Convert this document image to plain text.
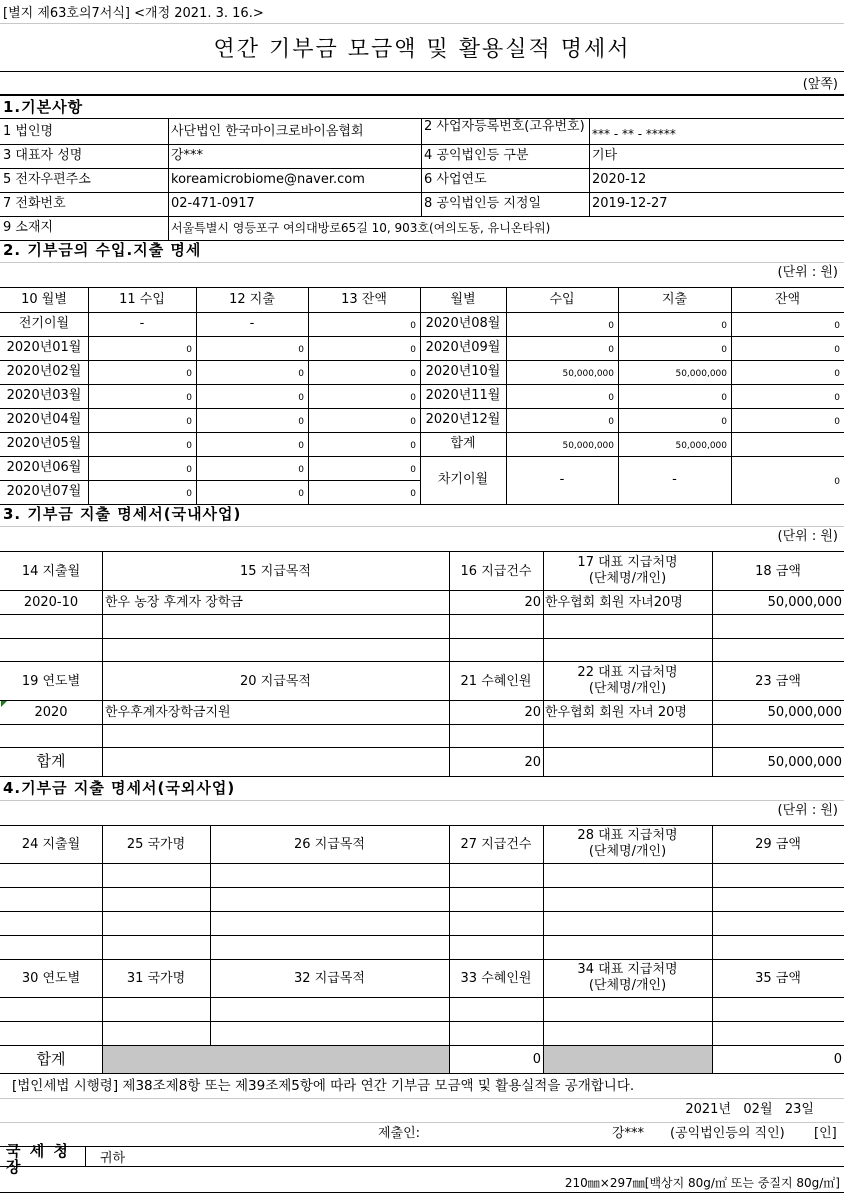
[별지 제63호의7서식] <개정 2021. 3. 16.>
연간 기부금 모금액 및 활용실적 명세서
(앞쪽)
1.기본사항
1 법인명	사단법인 한국마이크로바이옴협회	2 사업자등록번호(고유번호) *** - ** - *****
3 대표자 성명	강***	4 공익법인등 구분	기타
5 전자우편주소	koreamicrobiome@naver.com	6 사업연도	2020-12
7 전화번호	02-471-0917	8 공익법인등 지정일	2019-12-27
9 소재지	서울특별시 영등포구 여의대방로65길 10, 903호(여의도동, 유니온타워)
2. 기부금의 수입.지출 명세
(단위 : 원)
10 월별	11 수입	12 지출	13 잔액	월별	수입	지출	잔액
전기이월	-	-	0
2020년01월	0	0	0
2020년02월	0	0	0
2020년03월	0	0	0
2020년04월	0	0	0
2020년05월	0	0	0
2020년06월	0	0	0
2020년07월	0	0	0
2020년08월	0	0	0
2020년09월	0	0	0
2020년10월	50,000,000	50,000,000	0
2020년11월	0	0	0
2020년12월	0	0	0
합계	50,000,000	50,000,000
차기이월	-	-	0
3. 기부금 지출 명세서(국내사업)
(단위 : 원)
14 지출월	15 지급목적	16 지급건수
17 대표 지급처명
(단체명/개인)	18 금액
2020-10	한우 농장 후계자 장학금	20 한우협회 회원 자녀20명	50,000,000
19 연도별	20 지급목적	21 수혜인원
22 대표 지급처명
(단체명/개인)	23 금액
2020	한우후계자장학금지원	20 한우협회 회원 자녀 20명	50,000,000
합계	20	50,000,000
4.기부금 지출 명세서(국외사업)
(단위 : 원)
24 지출월	25 국가명	26 지급목적	27 지급건수
28 대표 지급처명
(단체명/개인)	29 금액
30 연도별	31 국가명	32 지급목적	33 수혜인원
34 대표 지급처명
(단체명/개인)	35 금액
합계	0	0
[법인세법 시행령] 제38조제8항 또는 제39조제5항에 따라 연간 기부금 모금액 및 활용실적을 공개합니다.
2021년   02월   23일
제출인:	강*** (공익법인등의 직인) [인]
국 세 청 장	귀하
210㎜×297㎜[백상지 80g/㎡ 또는 중질지 80g/㎡]
